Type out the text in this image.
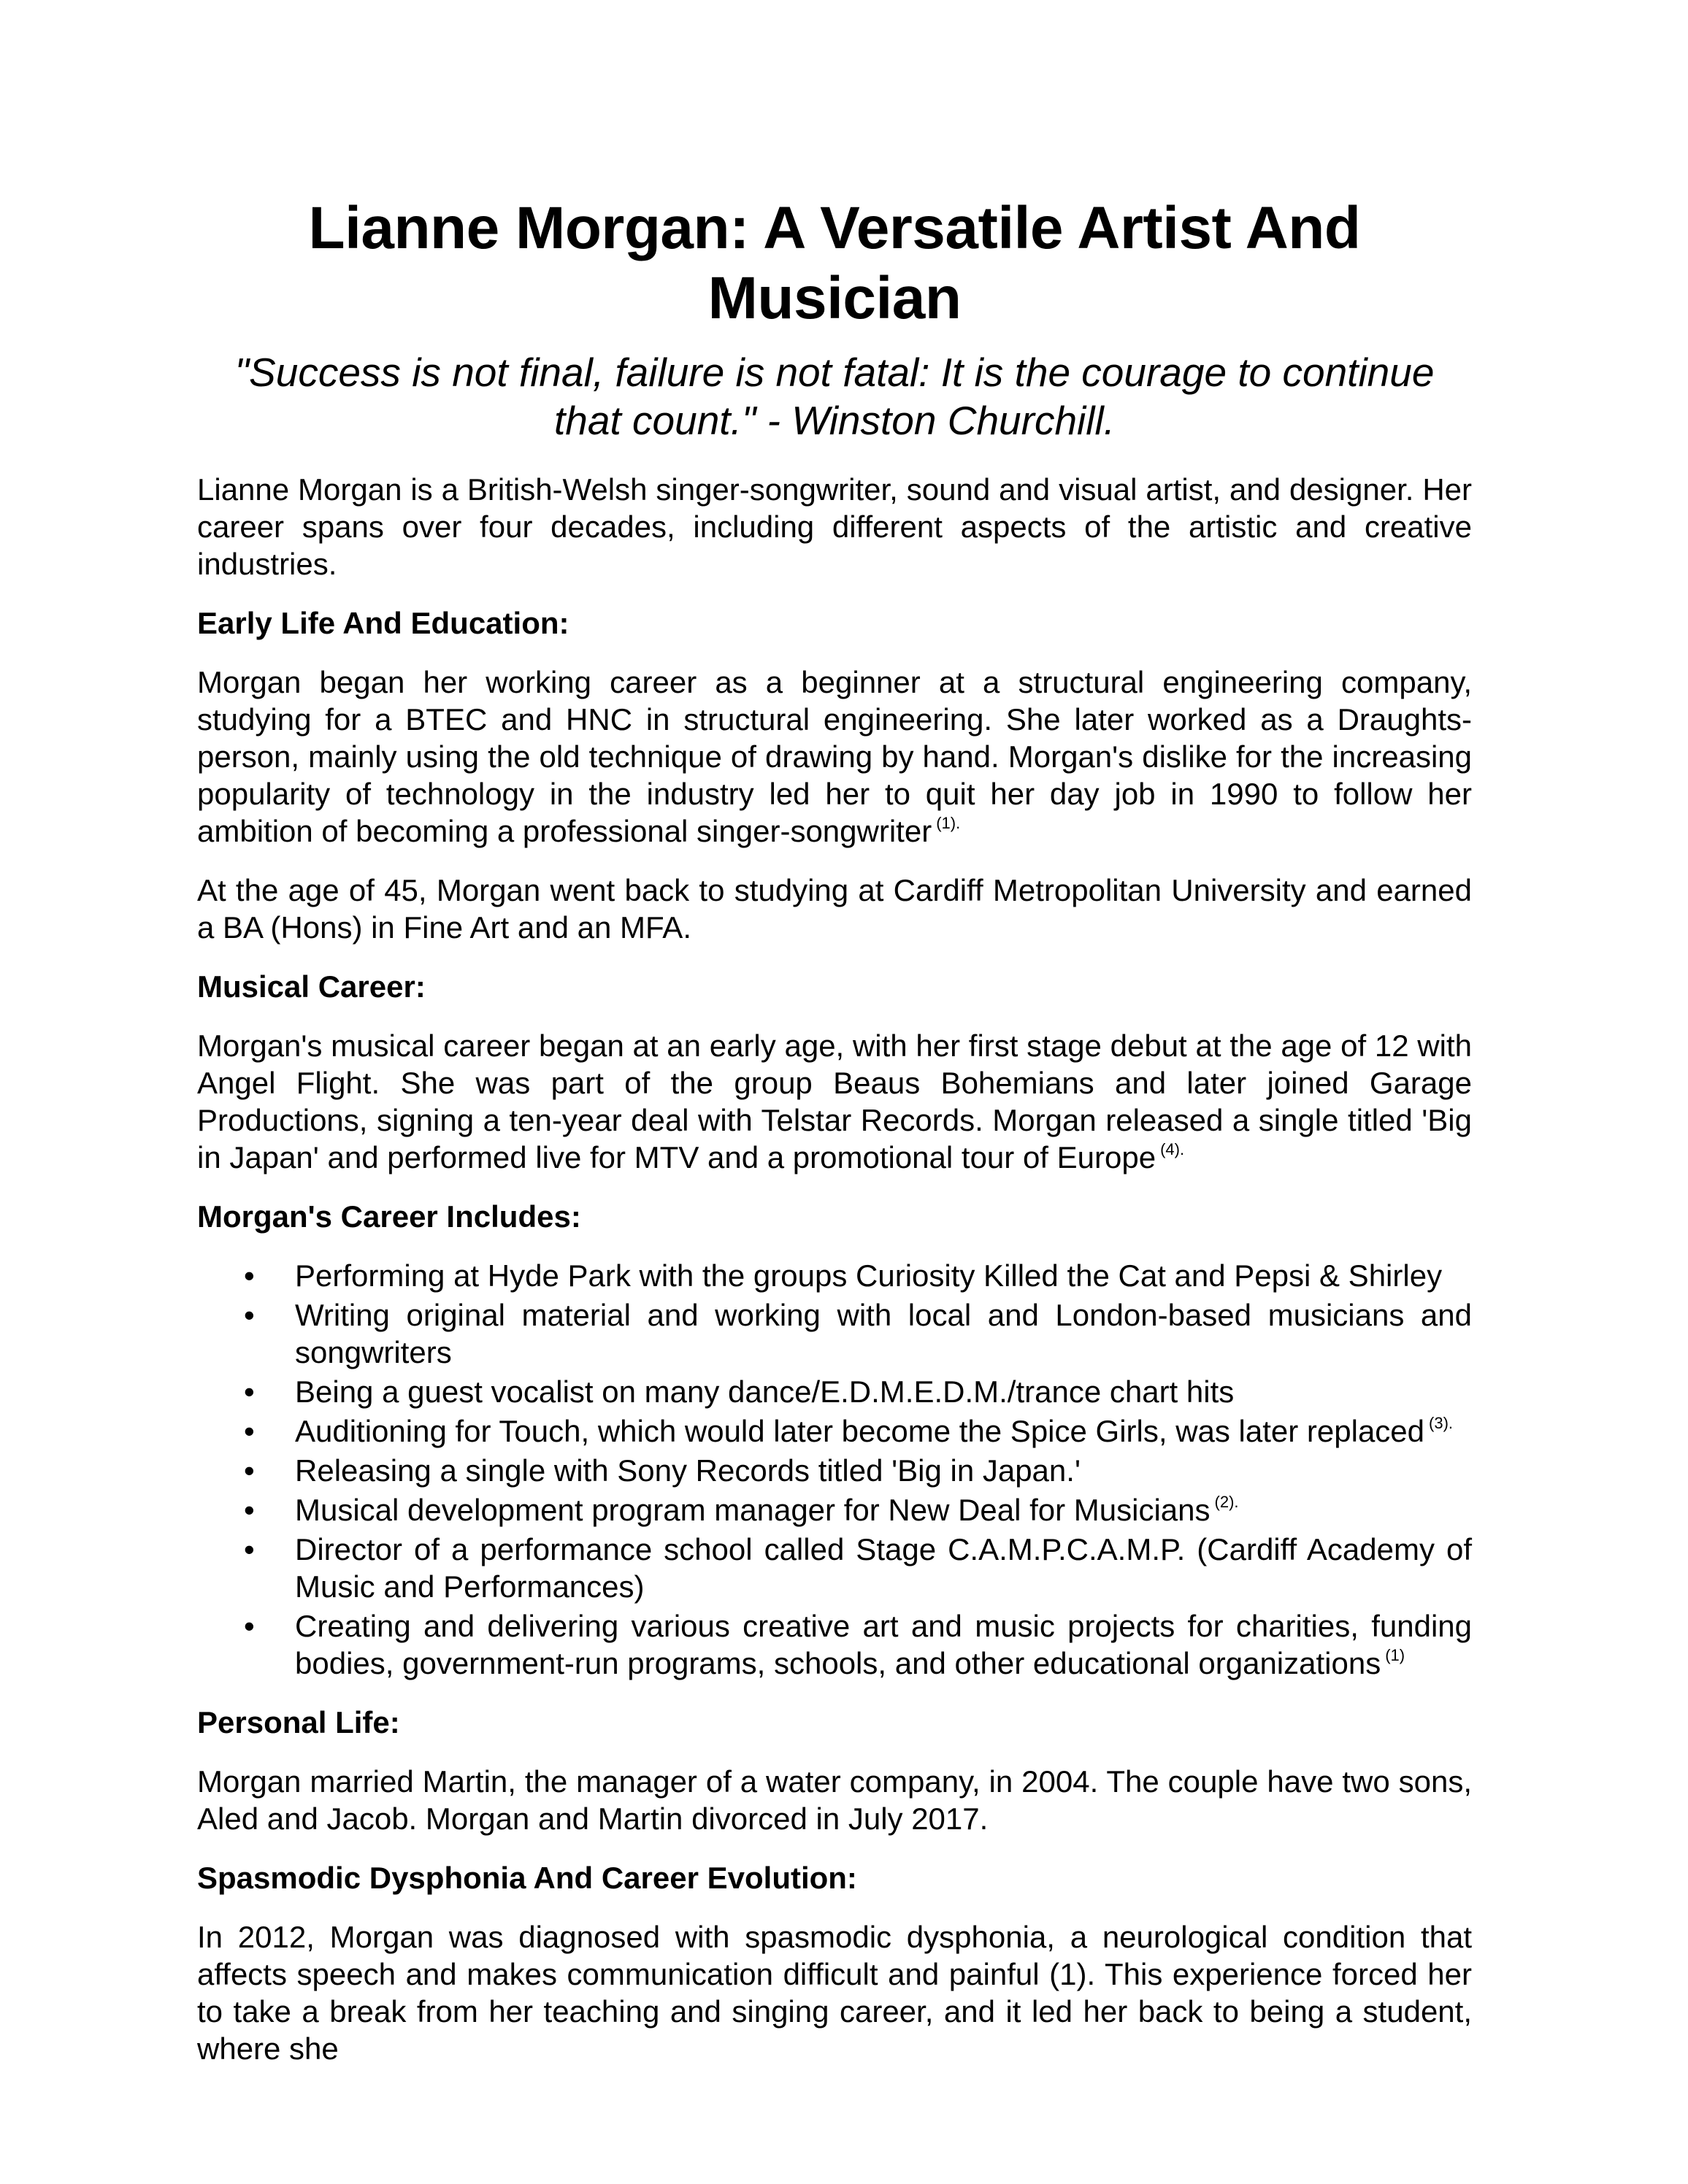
Lianne Morgan: A Versatile Artist And Musician

"Success is not final, failure is not fatal: It is the courage to continue that count." - Winston Churchill.

Lianne Morgan is a British-Welsh singer-songwriter, sound and visual artist, and designer. Her career spans over four decades, including different aspects of the artistic and creative industries.

Early Life And Education:

Morgan began her working career as a beginner at a structural engineering company, studying for a BTEC and HNC in structural engineering. She later worked as a Draughts-person, mainly using the old technique of drawing by hand. Morgan's dislike for the increasing popularity of technology in the industry led her to quit her day job in 1990 to follow her ambition of becoming a professional singer-songwriter $^{(1).}$

At the age of 45, Morgan went back to studying at Cardiff Metropolitan University and earned a BA (Hons) in Fine Art and an MFA.

Musical Career:

Morgan's musical career began at an early age, with her first stage debut at the age of 12 with Angel Flight. She was part of the group Beaus Bohemians and later joined Garage Productions, signing a ten-year deal with Telstar Records. Morgan released a single titled 'Big in Japan' and performed live for MTV and a promotional tour of Europe $^{(4).}$

Morgan's Career Includes:

• Performing at Hyde Park with the groups Curiosity Killed the Cat and Pepsi & Shirley
• Writing original material and working with local and London-based musicians and songwriters
• Being a guest vocalist on many dance/E.D.M.E.D.M./trance chart hits
• Auditioning for Touch, which would later become the Spice Girls, was later replaced $^{(3).}$
• Releasing a single with Sony Records titled 'Big in Japan.'
• Musical development program manager for New Deal for Musicians $^{(2).}$
• Director of a performance school called Stage C.A.M.P.C.A.M.P. (Cardiff Academy of Music and Performances)
• Creating and delivering various creative art and music projects for charities, funding bodies, government-run programs, schools, and other educational organizations $^{(1)}$

Personal Life:

Morgan married Martin, the manager of a water company, in 2004. The couple have two sons, Aled and Jacob. Morgan and Martin divorced in July 2017.

Spasmodic Dysphonia And Career Evolution:

In 2012, Morgan was diagnosed with spasmodic dysphonia, a neurological condition that affects speech and makes communication difficult and painful (1). This experience forced her to take a break from her teaching and singing career, and it led her back to being a student, where she
